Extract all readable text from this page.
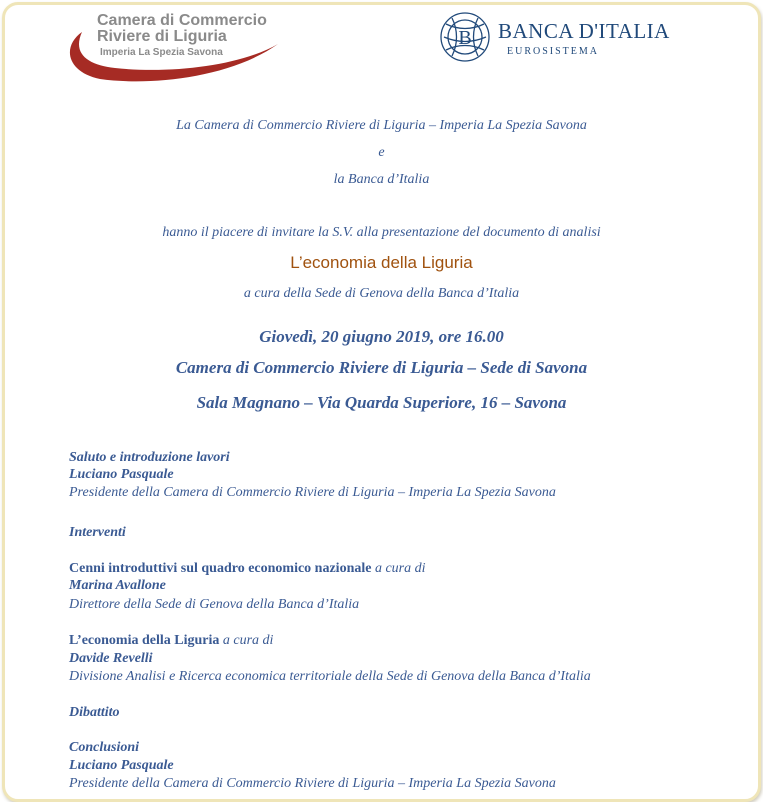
Camera di Commercio
Riviere di Liguria
Imperia La Spezia Savona
B BANCA D'ITALIA
EUROSISTEMA
La Camera di Commercio Riviere di Liguria – Imperia La Spezia Savona
e
la Banca d’Italia
hanno il piacere di invitare la S.V. alla presentazione del documento di analisi
L’economia della Liguria
a cura della Sede di Genova della Banca d’Italia
Giovedì, 20 giugno 2019, ore 16.00
Camera di Commercio Riviere di Liguria – Sede di Savona
Sala Magnano – Via Quarda Superiore, 16 – Savona
Saluto e introduzione lavori
Luciano Pasquale
Presidente della Camera di Commercio Riviere di Liguria – Imperia La Spezia Savona
Interventi
Cenni introduttivi sul quadro economico nazionale a cura di
Marina Avallone
Direttore della Sede di Genova della Banca d’Italia
L’economia della Liguria a cura di
Davide Revelli
Divisione Analisi e Ricerca economica territoriale della Sede di Genova della Banca d’Italia
Dibattito
Conclusioni
Luciano Pasquale
Presidente della Camera di Commercio Riviere di Liguria – Imperia La Spezia Savona
